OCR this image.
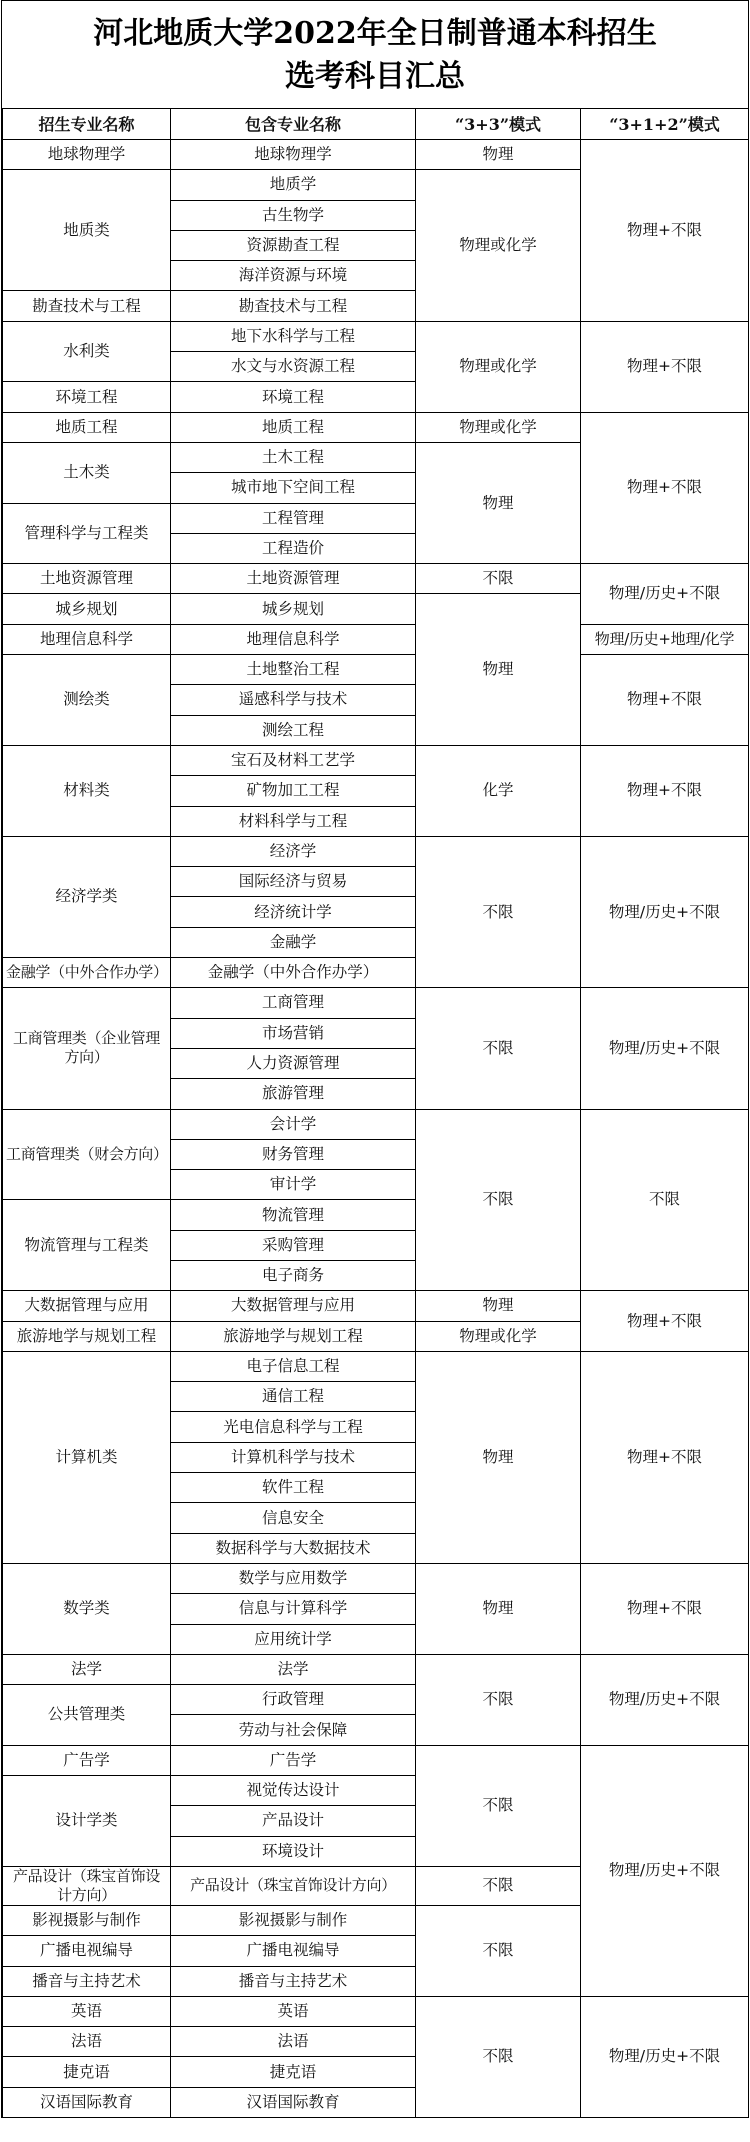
河北地质大学2022年全日制普通本科招生
选考科目汇总
招生专业名称	包含专业名称	“3+3”模式	“3+1+2”模式
地球物理学	地球物理学	物理	物理+不限
地质类	地质学	物理或化学	
	古生物学		
	资源勘查工程		
	海洋资源与环境		
勘查技术与工程	勘查技术与工程		
水利类	地下水科学与工程	物理或化学	物理+不限
	水文与水资源工程		
环境工程	环境工程		
地质工程	地质工程	物理或化学	物理+不限
土木类	土木工程	物理	
	城市地下空间工程		
管理科学与工程类	工程管理		
	工程造价		
土地资源管理	土地资源管理	不限	物理/历史+不限
城乡规划	城乡规划	物理	
地理信息科学	地理信息科学		物理/历史+地理/化学
测绘类	土地整治工程		物理+不限
	遥感科学与技术		
	测绘工程		
材料类	宝石及材料工艺学	化学	物理+不限
	矿物加工工程		
	材料科学与工程		
经济学类	经济学	不限	物理/历史+不限
	国际经济与贸易		
	经济统计学		
	金融学		
金融学（中外合作办学）	金融学（中外合作办学）		
工商管理类（企业管理方向）	工商管理	不限	物理/历史+不限
	市场营销		
	人力资源管理		
	旅游管理		
工商管理类（财会方向）	会计学	不限	不限
	财务管理		
	审计学		
物流管理与工程类	物流管理		
	采购管理		
	电子商务		
大数据管理与应用	大数据管理与应用	物理	物理+不限
旅游地学与规划工程	旅游地学与规划工程	物理或化学	
计算机类	电子信息工程	物理	物理+不限
	通信工程		
	光电信息科学与工程		
	计算机科学与技术		
	软件工程		
	信息安全		
	数据科学与大数据技术		
数学类	数学与应用数学	物理	物理+不限
	信息与计算科学		
	应用统计学		
法学	法学	不限	物理/历史+不限
公共管理类	行政管理		
	劳动与社会保障		
广告学	广告学	不限	物理/历史+不限
设计学类	视觉传达设计		
	产品设计		
	环境设计		
产品设计（珠宝首饰设计方向）	产品设计（珠宝首饰设计方向）	不限	
影视摄影与制作	影视摄影与制作	不限	
广播电视编导	广播电视编导		
播音与主持艺术	播音与主持艺术		
英语	英语	不限	物理/历史+不限
法语	法语		
捷克语	捷克语		
汉语国际教育	汉语国际教育		
